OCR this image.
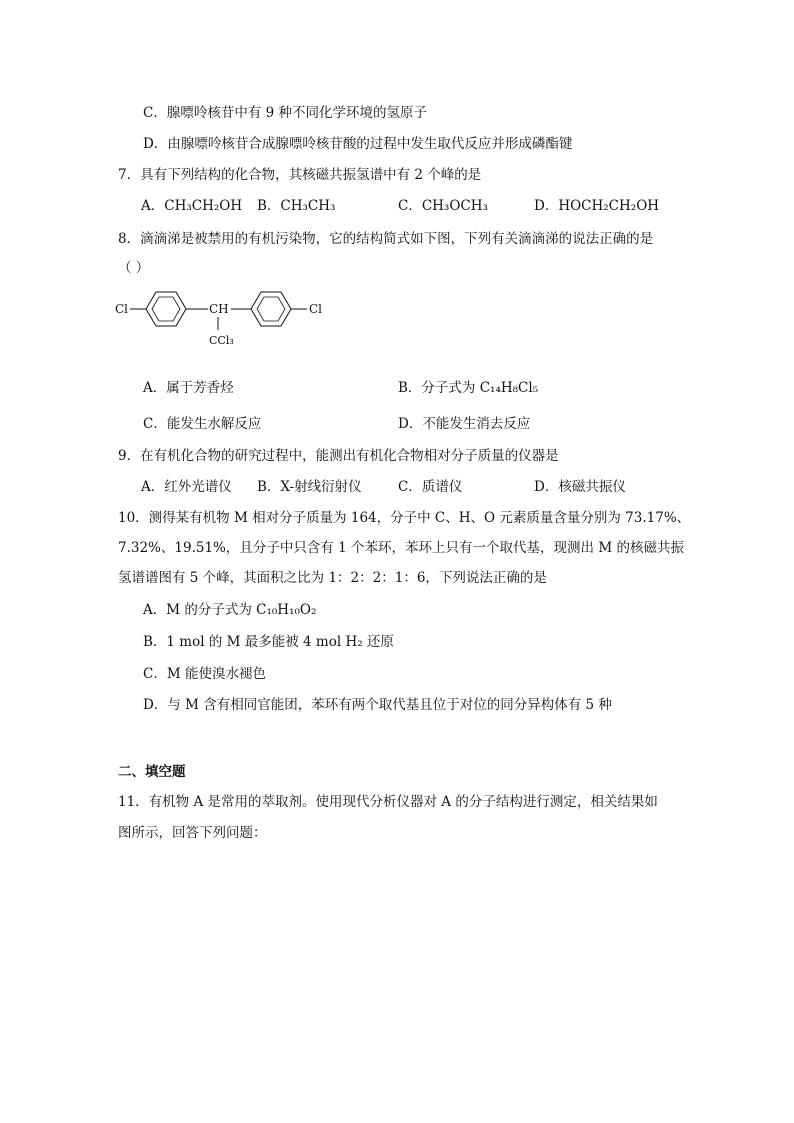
C．腺嘌呤核苷中有 9 种不同化学环境的氢原子
D．由腺嘌呤核苷合成腺嘌呤核苷酸的过程中发生取代反应并形成磷酯键
7．具有下列结构的化合物，其核磁共振氢谱中有 2 个峰的是
A．CH₃CH₂OH B．CH₃CH₃	C．CH₃OCH₃	D．HOCH₂CH₂OH
8．滴滴涕是被禁用的有机污染物，它的结构简式如下图，下列有关滴滴涕的说法正确的是
（ ）
Cl	CH
CCl₃
Cl
A．属于芳香烃	B．分子式为 C₁₄H₈Cl₅
C．能发生水解反应	D．不能发生消去反应
9．在有机化合物的研究过程中，能测出有机化合物相对分子质量的仪器是
A．红外光谱仪 B．X-射线衍射仪	C．质谱仪	D．核磁共振仪
10．测得某有机物 M 相对分子质量为 164，分子中 C、H、O 元素质量含量分别为 73.17%、
7.32%、19.51%，且分子中只含有 1 个苯环，苯环上只有一个取代基，现测出 M 的核磁共振
氢谱谱图有 5 个峰，其面积之比为 1：2：2：1：6，下列说法正确的是
A．M 的分子式为 C₁₀H₁₀O₂
B．1 mol 的 M 最多能被 4 mol H₂ 还原
C．M 能使溴水褪色
D．与 M 含有相同官能团，苯环有两个取代基且位于对位的同分异构体有 5 种
二、填空题
11．有机物 A 是常用的萃取剂。使用现代分析仪器对 A 的分子结构进行测定，相关结果如
图所示，回答下列问题：
